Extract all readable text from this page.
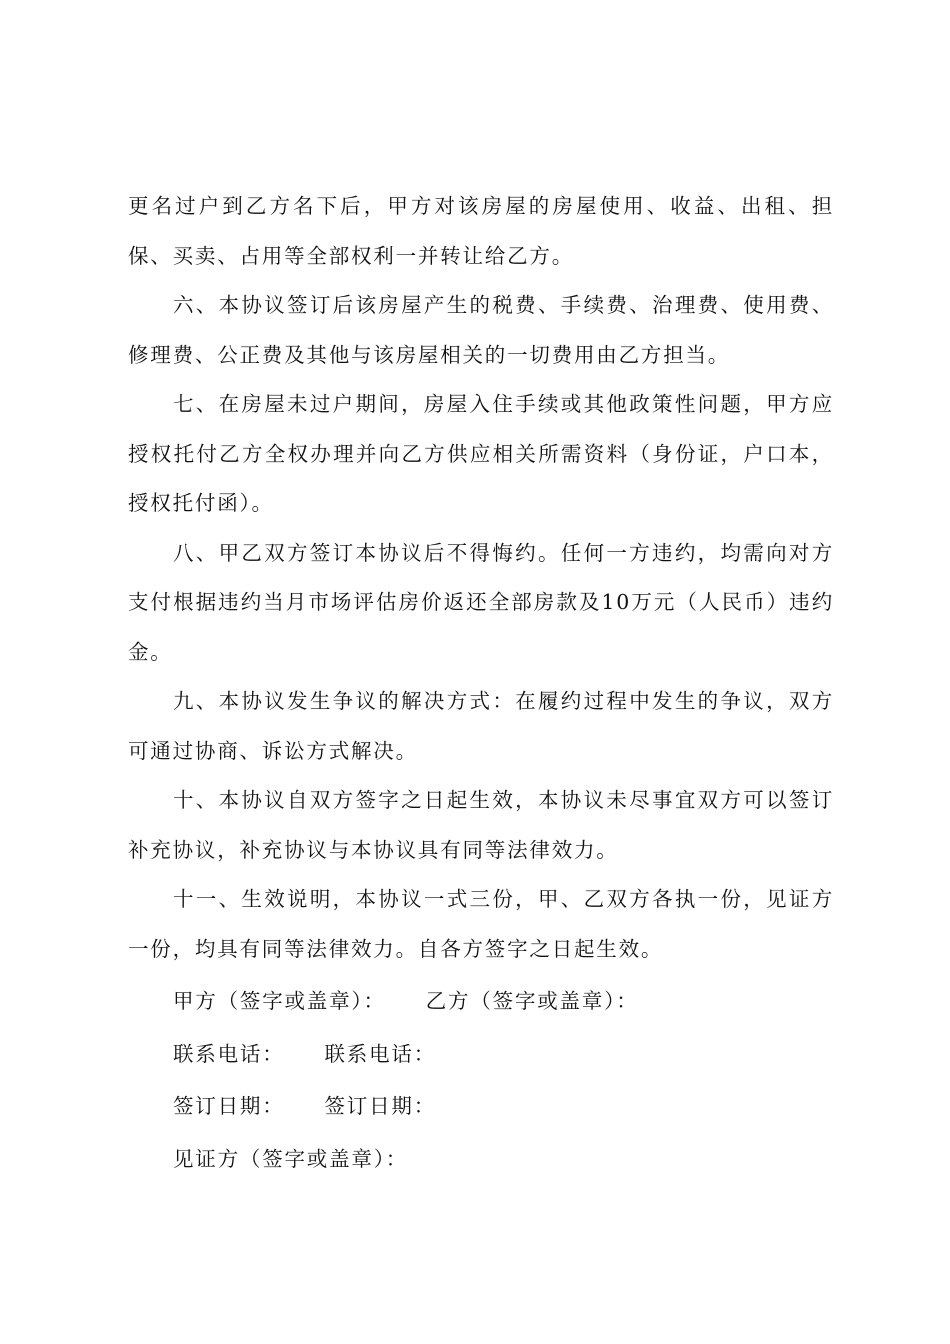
更名过户到乙方名下后，甲方对该房屋的房屋使用、收益、出租、担保、买卖、占用等全部权利一并转让给乙方。

六、本协议签订后该房屋产生的税费、手续费、治理费、使用费、修理费、公正费及其他与该房屋相关的一切费用由乙方担当。

七、在房屋未过户期间，房屋入住手续或其他政策性问题，甲方应授权托付乙方全权办理并向乙方供应相关所需资料（身份证，户口本，授权托付函）。

八、甲乙双方签订本协议后不得悔约。任何一方违约，均需向对方支付根据违约当月市场评估房价返还全部房款及10万元（人民币）违约金。

九、本协议发生争议的解决方式：在履约过程中发生的争议，双方可通过协商、诉讼方式解决。

十、本协议自双方签字之日起生效，本协议未尽事宜双方可以签订补充协议，补充协议与本协议具有同等法律效力。

十一、生效说明，本协议一式三份，甲、乙双方各执一份，见证方一份，均具有同等法律效力。自各方签字之日起生效。

甲方（签字或盖章）： 乙方（签字或盖章）：
联系电话： 联系电话：
签订日期： 签订日期：
见证方（签字或盖章）：
